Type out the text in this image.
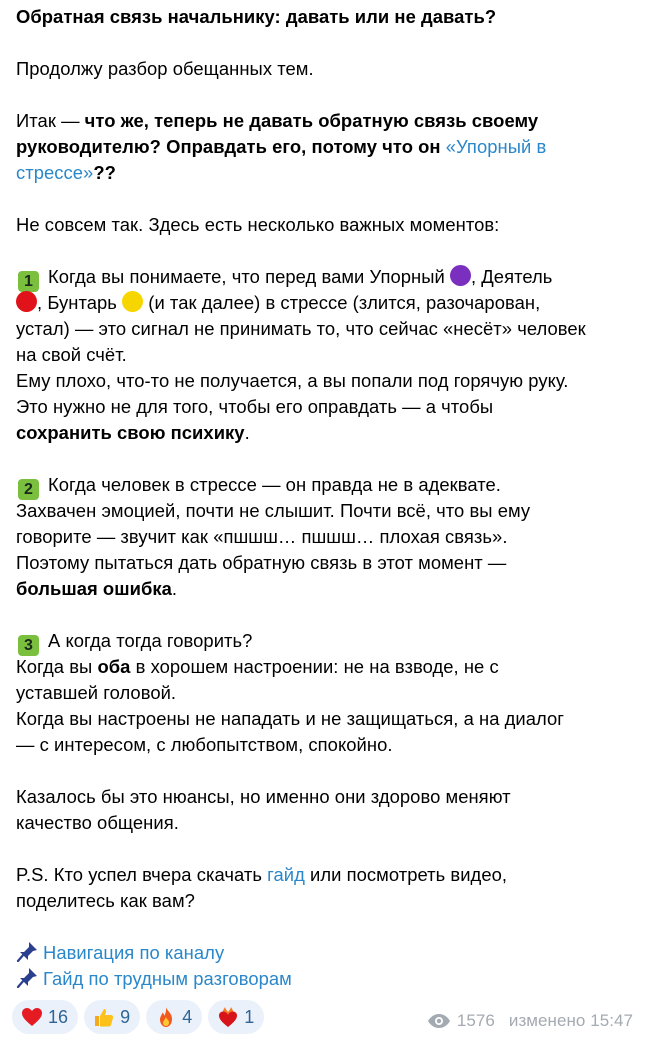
Обратная связь начальнику: давать или не давать?
Продолжу разбор обещанных тем.
Итак — что же, теперь не давать обратную связь своему
руководителю? Оправдать его, потому что он «Упорный в
стрессе»??
Не совсем так. Здесь есть несколько важных моментов:
1 Когда вы понимаете, что перед вами Упорный , Деятель
, Бунтарь  (и так далее) в стрессе (злится, разочарован,
устал) — это сигнал не принимать то, что сейчас «несёт» человек
на свой счёт.
Ему плохо, что-то не получается, а вы попали под горячую руку.
Это нужно не для того, чтобы его оправдать — а чтобы
сохранить свою психику.
2 Когда человек в стрессе — он правда не в адеквате.
Захвачен эмоцией, почти не слышит. Почти всё, что вы ему
говорите — звучит как «пшшш… пшшш… плохая связь».
Поэтому пытаться дать обратную связь в этот момент —
большая ошибка.
3 А когда тогда говорить?
Когда вы оба в хорошем настроении: не на взводе, не с
уставшей головой.
Когда вы настроены не нападать и не защищаться, а на диалог
— с интересом, с любопытством, спокойно.
Казалось бы это нюансы, но именно они здорово меняют
качество общения.
P.S. Кто успел вчера скачать гайд или посмотреть видео,
поделитесь как вам?
Навигация по каналу
Гайд по трудным разговорам
16	9	4	1	1576 изменено 15:47
